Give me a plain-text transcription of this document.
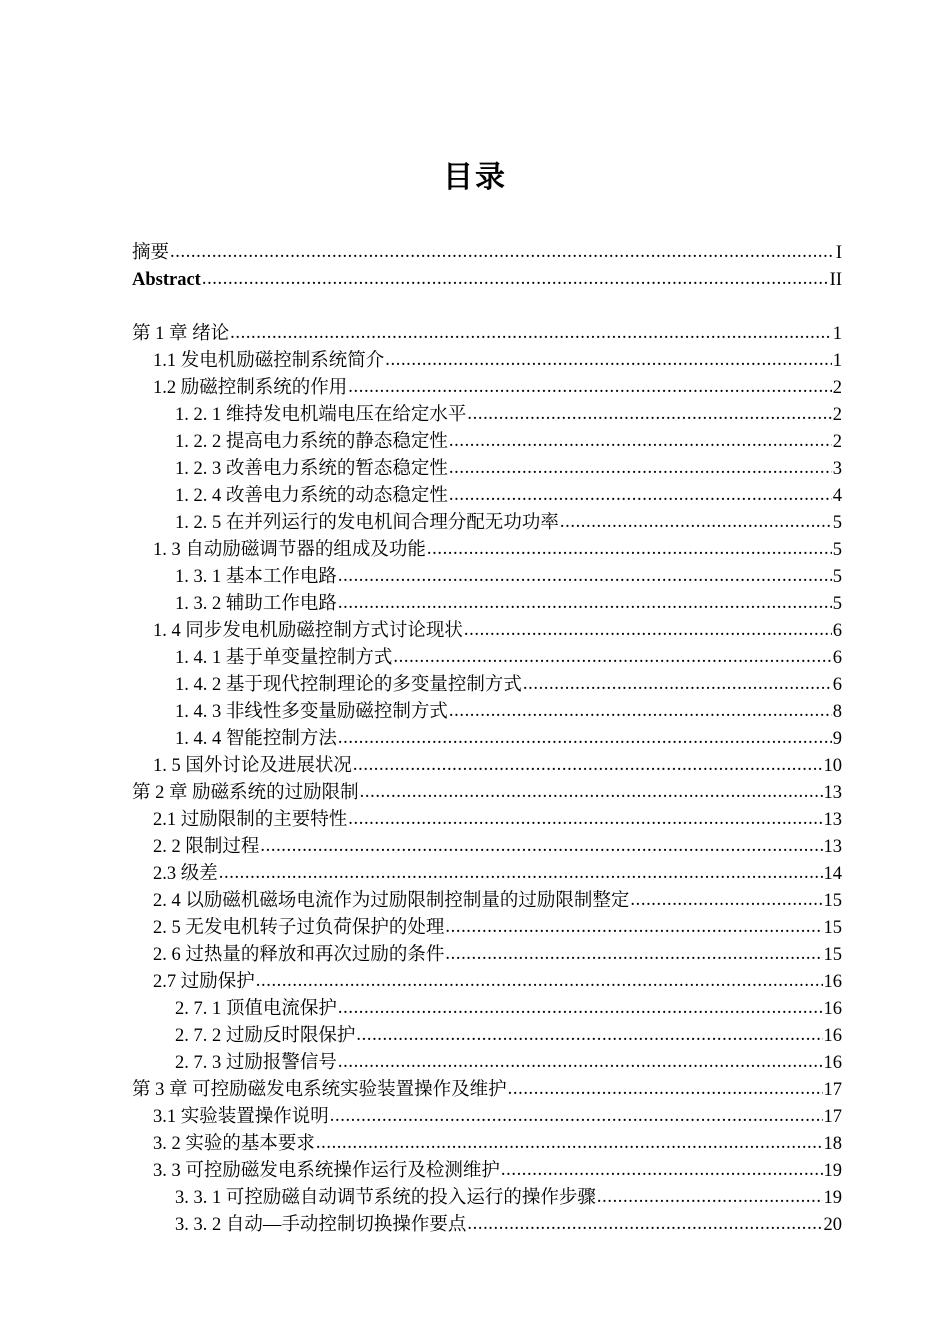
目录
摘要 .....	I
Abstract .....	II
第 1 章 绪论 .....	1
1.1 发电机励磁控制系统简介 .....	1
1.2 励磁控制系统的作用 .....	2
1. 2. 1 维持发电机端电压在给定水平 .....	2
1. 2. 2 提高电力系统的静态稳定性 .....	2
1. 2. 3 改善电力系统的暂态稳定性 .....	3
1. 2. 4 改善电力系统的动态稳定性 .....	4
1. 2. 5 在并列运行的发电机间合理分配无功功率 .....	5
1. 3 自动励磁调节器的组成及功能 .....	5
1. 3. 1 基本工作电路 .....	5
1. 3. 2 辅助工作电路 .....	5
1. 4 同步发电机励磁控制方式讨论现状 .....	6
1. 4. 1 基于单变量控制方式 .....	6
1. 4. 2 基于现代控制理论的多变量控制方式 .....	6
1. 4. 3 非线性多变量励磁控制方式 .....	8
1. 4. 4 智能控制方法 .....	9
1. 5 国外讨论及进展状况 .....	10
第 2 章 励磁系统的过励限制 .....	13
2.1 过励限制的主要特性 .....	13
2. 2 限制过程 .....	13
2.3 级差 .....	14
2. 4 以励磁机磁场电流作为过励限制控制量的过励限制整定 .....	15
2. 5 无发电机转子过负荷保护的处理 .....	15
2. 6 过热量的释放和再次过励的条件 .....	15
2.7 过励保护 .....	16
2. 7. 1 顶值电流保护 .....	16
2. 7. 2 过励反时限保护 .....	16
2. 7. 3 过励报警信号 .....	16
第 3 章 可控励磁发电系统实验装置操作及维护 .....	17
3.1 实验装置操作说明 .....	17
3. 2 实验的基本要求 .....	18
3. 3 可控励磁发电系统操作运行及检测维护 .....	19
3. 3. 1 可控励磁自动调节系统的投入运行的操作步骤 .....	19
3. 3. 2 自动—手动控制切换操作要点 .....	20
